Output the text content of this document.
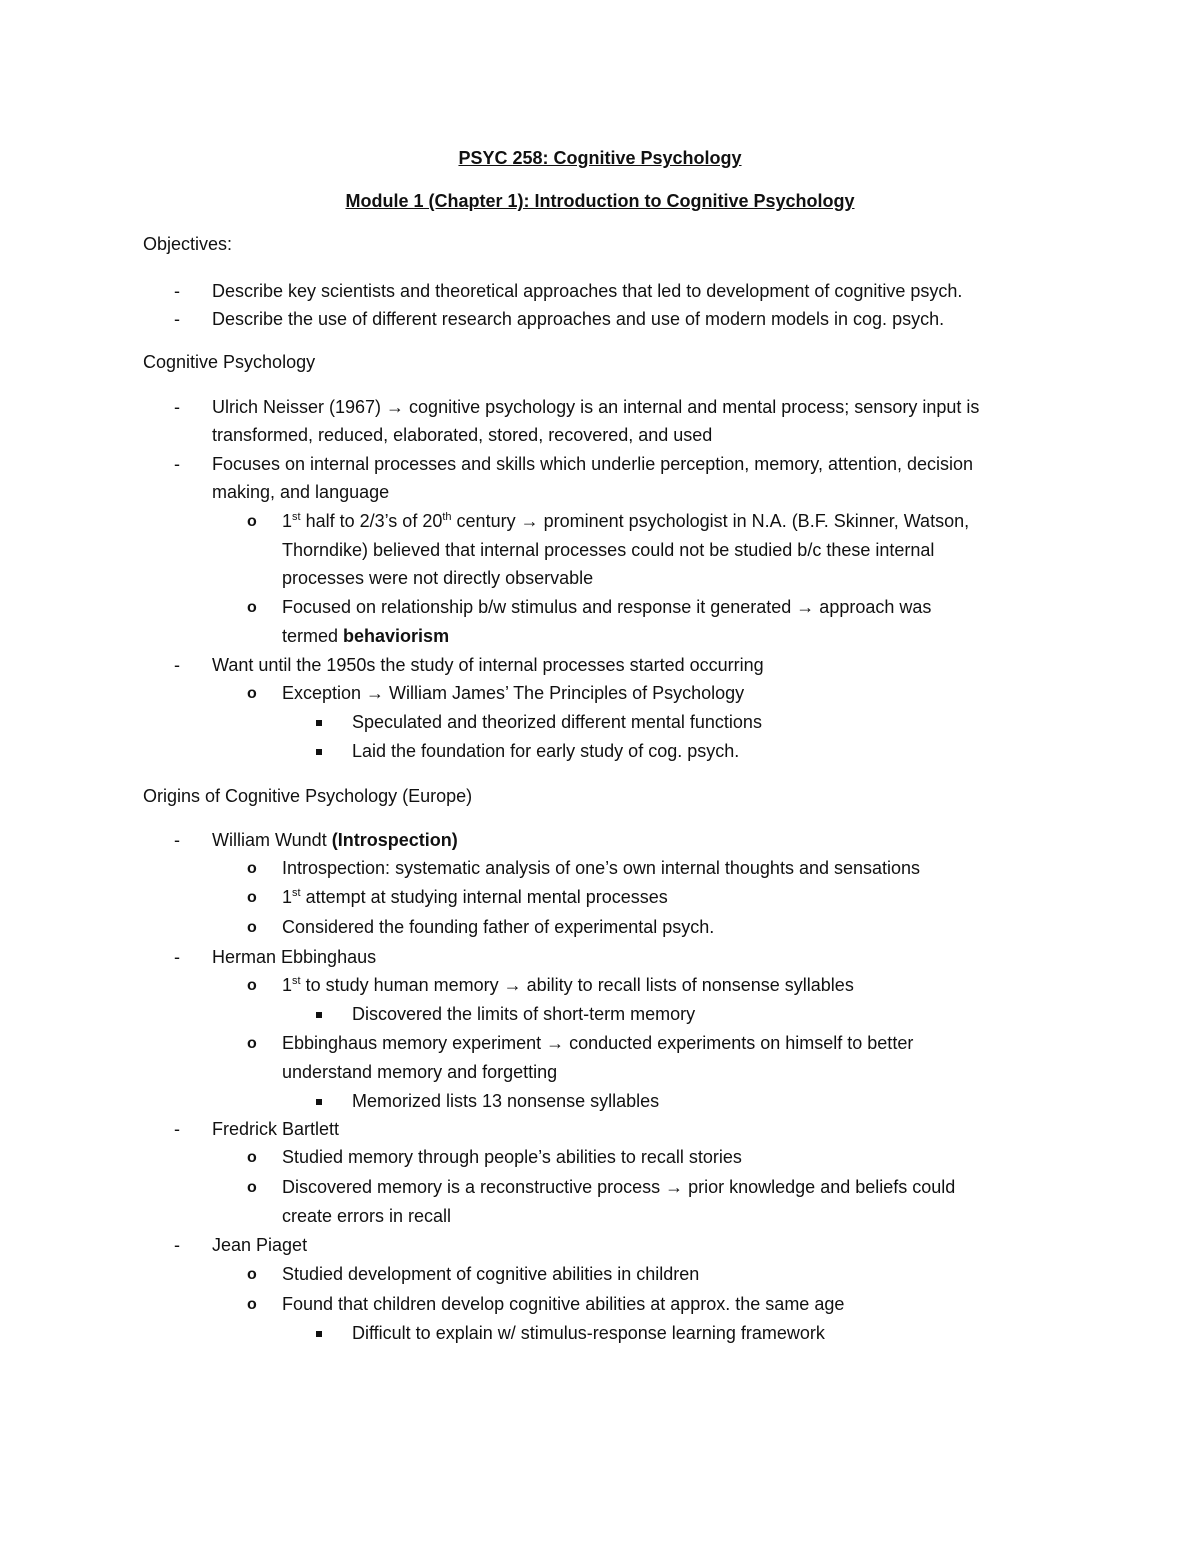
PSYC 258: Cognitive Psychology
Module 1 (Chapter 1): Introduction to Cognitive Psychology
Objectives:
- Describe key scientists and theoretical approaches that led to development of cognitive psych.
- Describe the use of different research approaches and use of modern models in cog. psych.
Cognitive Psychology
- Ulrich Neisser (1967) → cognitive psychology is an internal and mental process; sensory input is
transformed, reduced, elaborated, stored, recovered, and used
- Focuses on internal processes and skills which underlie perception, memory, attention, decision
making, and language
o 1st half to 2/3’s of 20th century → prominent psychologist in N.A. (B.F. Skinner, Watson,
Thorndike) believed that internal processes could not be studied b/c these internal
processes were not directly observable
o Focused on relationship b/w stimulus and response it generated → approach was
termed behaviorism
- Want until the 1950s the study of internal processes started occurring
o Exception → William James’ The Principles of Psychology
Speculated and theorized different mental functions
Laid the foundation for early study of cog. psych.
Origins of Cognitive Psychology (Europe)
- William Wundt (Introspection)
o Introspection: systematic analysis of one’s own internal thoughts and sensations
o 1st attempt at studying internal mental processes
o Considered the founding father of experimental psych.
- Herman Ebbinghaus
o 1st to study human memory → ability to recall lists of nonsense syllables
Discovered the limits of short-term memory
o Ebbinghaus memory experiment → conducted experiments on himself to better
understand memory and forgetting
Memorized lists 13 nonsense syllables
- Fredrick Bartlett
o Studied memory through people’s abilities to recall stories
o Discovered memory is a reconstructive process → prior knowledge and beliefs could
create errors in recall
- Jean Piaget
o Studied development of cognitive abilities in children
o Found that children develop cognitive abilities at approx. the same age
Difficult to explain w/ stimulus-response learning framework
